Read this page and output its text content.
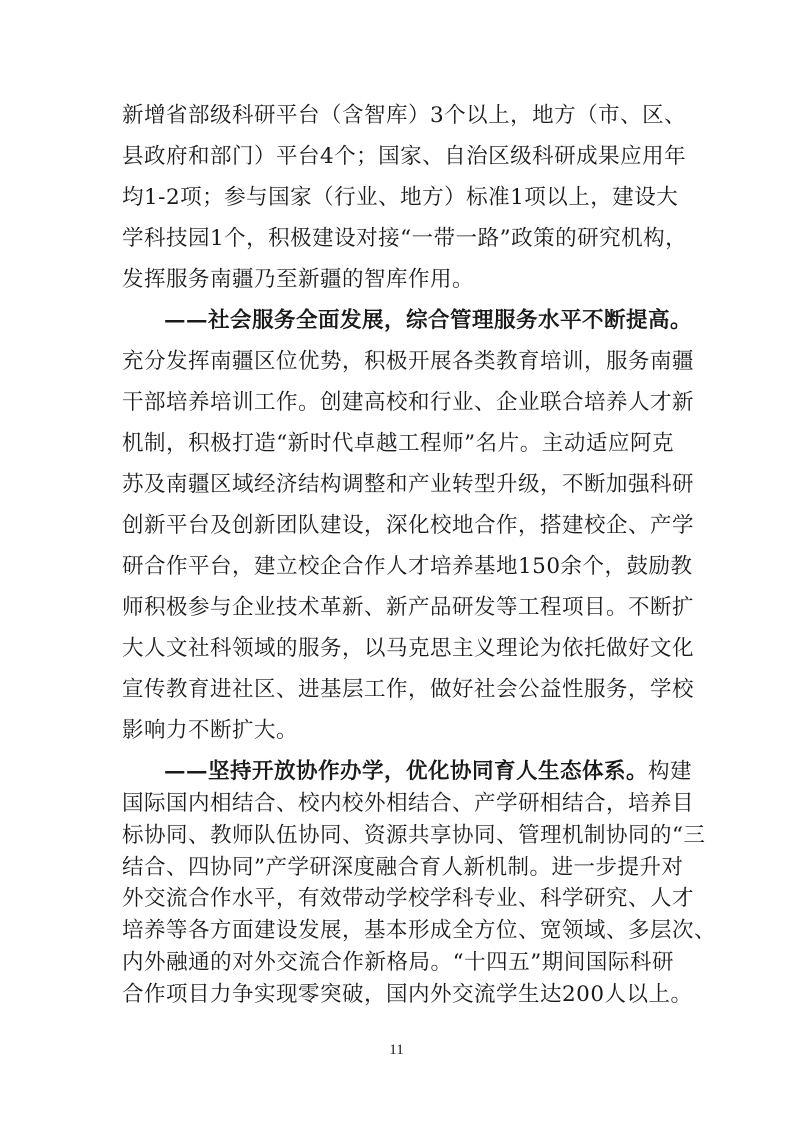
新增省部级科研平台（含智库）3个以上，地方（市、区、
县政府和部门）平台4个；国家、自治区级科研成果应用年
均1-2项；参与国家（行业、地方）标准1项以上，建设大
学科技园1个，积极建设对接“一带一路”政策的研究机构，
发挥服务南疆乃至新疆的智库作用。
——社会服务全面发展，综合管理服务水平不断提高。
充分发挥南疆区位优势，积极开展各类教育培训，服务南疆
干部培养培训工作。创建高校和行业、企业联合培养人才新
机制，积极打造“新时代卓越工程师”名片。主动适应阿克
苏及南疆区域经济结构调整和产业转型升级，不断加强科研
创新平台及创新团队建设，深化校地合作，搭建校企、产学
研合作平台，建立校企合作人才培养基地150余个，鼓励教
师积极参与企业技术革新、新产品研发等工程项目。不断扩
大人文社科领域的服务，以马克思主义理论为依托做好文化
宣传教育进社区、进基层工作，做好社会公益性服务，学校
影响力不断扩大。
——坚持开放协作办学，优化协同育人生态体系。构建
国际国内相结合、校内校外相结合、产学研相结合，培养目
标协同、教师队伍协同、资源共享协同、管理机制协同的“三
结合、四协同”产学研深度融合育人新机制。进一步提升对
外交流合作水平，有效带动学校学科专业、科学研究、人才
培养等各方面建设发展，基本形成全方位、宽领域、多层次、
内外融通的对外交流合作新格局。“十四五”期间国际科研
11
合作项目力争实现零突破，国内外交流学生达200人以上。
